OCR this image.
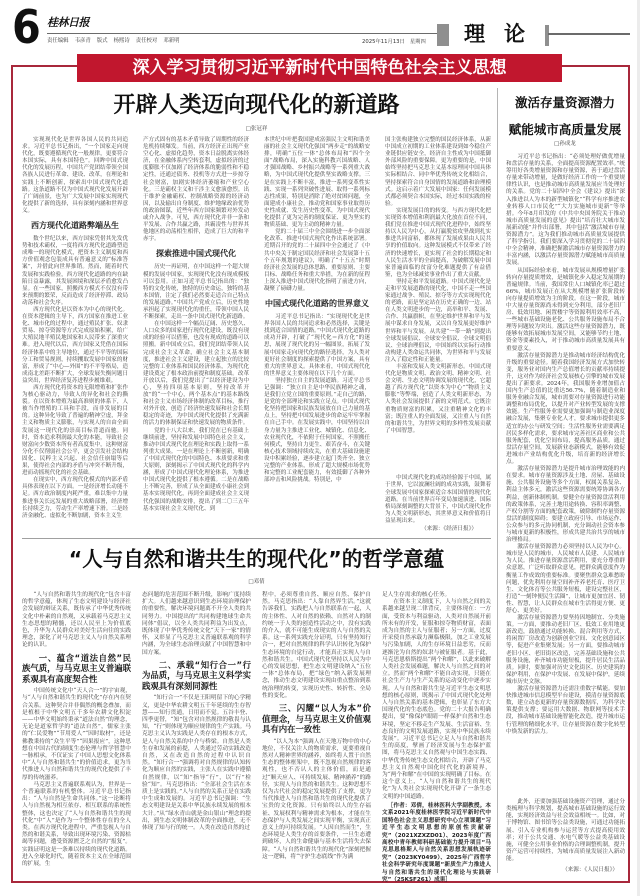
6 桂林日报
责任编辑 韦彦青 版式 杨熙诗 责任校对 邓新明	2025年11月13日 星期四 理论
深入学习贯彻习近平新时代中国特色社会主义思想
开辟人类迈向现代化的新道路
□张冠祥

实现现代化是世界各国人民的共同追求。习近平总书记指出，“一个国家走向现代化，既要遵循现代化一般规律，更要符合本国实际，具有本国特色”。回眸中国式现代化的发展历程，中国共产党团结带领全国各族人民进行革命、建设、改革，在理论和实践上不断创新，探索出中国式现代化道路。这条道路不仅为中国式现代化发展开辟了广阔前景，也为广大发展中国家实现现代化提供了新的选择，具有深刻内涵和世界意义。

西方现代化道路弊端丛生

数个世纪以来，西方国家凭借其先发优势和技术霸权，一度将西方现代化道路塑造成唯一的现代化模式，把资本主义制度和西方价值观念包装成具有普遍意义的“标准答案”，并借此向世界推销。然而，随着时代发展和实践检验，西方现代化道路的内在缺陷日益暴露，其发展困境和深层矛盾愈发凸显。在一些国家，照搬西方模式不仅没有带来预期的繁荣，反而造成了经济停滞、政局动荡和社会失序。

西方现代化是以资本为中心的现代化。在资本逻辑的主导下，西方国家在推进工业化、城市化的过程中，通过殖民扩张、奴隶贸易、掠夺资源等方式完成原始积累，给广大殖民地半殖民地国家和人民带来了深重灾难。进入现代以后，西方国家又凭借在国际经济体系中的主导地位，通过不平等的国际分工和贸易规则，持续攫取发展中国家的财富，形成了“中心—外围”的不平等格局，造成南北差距不断扩大，全球发展失衡问题日益突出，世界经济复苏进程步履维艰。

西方现代化将资本的无限增殖和扩张作为核心驱动力，导致人的异化和社会的撕裂。在以资本增殖为最高准则的体系下，人被当作增殖的工具和手段，而非发展的目的。这种异化导致了普遍的精神空虚，拜金主义和物质主义膨胀，与实现人的自由全面发展这一现代化的崇高目标背道而驰。同时，资本追求利润最大化的本能，导致社会财富向少数资本所有者高度集中，这种财富分化不仅削弱社会公平，更会引发社会结构固化、民粹主义兴起、社会信任崩塌等后果，使得社会内部的矛盾与冲突不断升级，进而动摇现代化的社会基础。

在现实中，西方现代化模式的内部矛盾具体表现在以下方面。一是经济增长动能不足。西方政治制度内耗严重，难以集中力量推进事关长远发展的重大战略部署，经济增长持续乏力，劳动生产率增速下滑。二是经济金融化、虚拟化不断加剧，资本主义生

产方式固有的基本矛盾导致了周期性的经济危机持续爆发。当前，西方经济正出现产业空心化、虚拟化趋势，资本日益脱离实体经济，在金融体系内空转套利，虚拟经济的过度膨胀不仅加剧了经济体系的脆弱性和不稳定性，还通过债务、投机等方式进一步掠夺社会财富，加剧实体经济萎缩和产业空心化。三是霸权主义和干涉主义愈演愈烈。出于维护金融霸权、控制战略资源的经济动因，以及输出自身制度、维护地缘政治优势的政治图谋，近些年西方国家频繁对外发动或介入战争。可见，西方现代化并非一条和平发展、合作共赢之路，其霸凌性与世界其他地区的动荡相生相伴，造成了巨大的和平赤字。

探索推进中国式现代化

历史一再证明，在中国这样一个超大规模的发展中国家，实现现代化没有现成模板可以套用。正如习近平总书记指出的：“独特的文化传统，独特的历史命运，独特的基本国情，注定了我们必然要走适合自己特点的发展道路。”中国共产党成立后，历史性地承担起了实现现代化的重任，带领中国人民不断探索，走出一条中国式现代化新道路。

在中国这样一个幅员辽阔、历史悠久、人口众多的国家进行现代化建设，既没有现成的经验可以借鉴，也没有现成的道路可以照搬。新中国成立后，我们党团结带领人民完成社会主义革命，确立社会主义基本制度，推进社会主义建设，建立起独立的比较完整的工业体系和国民经济体系，为现代化建设奠定了根本政治前提和制度基础。改革开放以后，我们党提出了“以经济建设为中心，坚持四项基本原则，坚持改革开放”的“一个中心，两个基本点”的基本路线和社会主义市场经济体制的改革目标，推行对外开放，创造了经济快速发展和社会长期稳定的奇迹，为中国式现代化提供了充满新的活力的体制保证和快速发展的物质条件。

党的十八大以来，我们党在已有基础上继续前进，坚持和发展中国特色社会主义，推动中国式现代化在理论和实践上取得一系列重大成果。一是在理论上不断创新，明确了中国式现代化的中国特色、本质要求和重大原则，深刻揭示了中国式现代化的科学内涵，形成了中国式现代化理论体系，为推进中国式现代化提供了根本遵循。二是在战略上不断完善，形成了从全面建成小康社会到基本实现现代化，再到全面建成社会主义现代化强国的战略安排，提出了到二〇三五年基本实现社会主义现代化、到

本世纪中叶把我国建成富强民主文明和谐美丽的社会主义现代化强国“两步走”的战略安排，明确“五位一体”总体布局和“四个全面”战略布局，深入实施科教兴国战略、人才强国战略、乡村振兴战略等一系列重大战略，为中国式现代化提供坚实战略支撑。三是在实践上不断丰富，推进一系列变革性实践、实现一系列突破性进展、取得一系列标志性成果，特别是消除了绝对贫困问题，全面建成小康社会，推动党和国家事业取得历史性成就、发生历史性变革，为中国式现代化提供了更为完善的制度保证、更为坚实的物质基础、更为主动的精神力量。

党的二十届三中全会围绕进一步全面深化改革、推进中国式现代化作出系统部署。近期召开的党的二十届四中全会通过了《中共中央关于制定国民经济和社会发展第十五个五年规划的建议》，明确了“十五五”时期经济社会发展的总体思路、重要原则、主要目标、战略任务和重大举措，为在新的征程上深入推进中国式现代化指明了前进方向，凝聚了磅礴力量。

中国式现代化道路的世界意义

习近平总书记指出：“实现现代化是世界各国人民的共同追求和必然选择，关键是找到适合国情的道路。”中国式现代化道路的成功开辟，打破了“现代化＝西方化”的迷思，展现了现代化的另一幅图景，拓展了发展中国家走向现代化的路径选择，为人类对更好社会制度的探索提供了中国方案，具有重大的世界意义。具体来看，中国式现代化的世界意义主要体现在以下几个方面。

坚持独立自主的发展道路。习近平总书记强调：“独立自主是中华民族精神之魂，是我们立党立国的重要原则。”走自己的路，是党的全部理论和实践立足点。中国式现代化坚持把国家和民族发展放在自己力量的基点上，坚持把中国发展进步的命运牢牢掌握在自己手中。在发展实践中，中国坚持以自身力量为主推进工业化、城镇化、信息化、农业现代化，不依附于任何国家，不照搬任何模式，坚持自力更生、艰苦奋斗，在关键核心技术领域持续攻关，在重大基础设施建设中积累经验，逐步建立起门类齐全、独立完整的产业体系，形成了超大规模市场优势和完整的工业配套能力，有效抵御了各种外部冲击和风险挑战。特别是，中

国主张构建独立完整的国民经济体系，从新中国成立初期的工业体系建设到如今稳住产业链供应链安全，经济自主性成为中国抵御外部风险的重要保障。更为重要的是，中国始终坚持把马克思主义基本原理同中国具体实际相结合、同中华优秀传统文化相结合，坚持探索符合自身国情的发展道路和治理模式。这启示着广大发展中国家：任何发展模式都必须契合本国实际，经过本国实践的检验。

实现发展目的的转变。与西方现代化把实现资本增值和利润最大化放在首位不同，我们党在推进中国式现代化进程中，始终坚持以人民为中心，从打赢脱贫攻坚战到扎实推进共同富裕，都体现了发展成果由人民共享的价值取向。这种发展模式不仅带来了经济的快速增长，更实现了社会的长期稳定和人民生活水平的全面提高，为破解发展中国家普遍面临的贫富分化难题提供了有益借鉴，也为全球减贫事业作出了重大贡献。

坚持走和平发展道路。中国式现代化是走和平发展道路的现代化，中国不走一些国家通过战争、殖民、掠夺等方式实现现代化的老路，而是坚定站在历史正确的一边、站在人类文明进步的一边，高举和平、发展、合作、共赢旗帜，在坚定维护世界和平与发展中谋求自身发展，又以自身发展更好维护世界和平与发展。从共建“一带一路”到提出全球发展倡议、全球安全倡议、全球文明倡议、全球治理倡议，中国始终以实际行动推动构建人类命运共同体，为世界和平与发展注入了稳定性和正能量。

丰富和发展人类文明新形态。中国式现代化是物质文明、政治文明、精神文明、社会文明、生态文明协调发展的现代化，它超越了西方现代化“以资本为中心”“物质主义膨胀”等弊端，创造了人类文明新形态，为人类社会发展提供了新的文明范式。它既注重物质财富的积累，又注重精神文化的丰富；既注重人的全面发展，又注重人与自然的和谐共生，为世界文明的多样性发展贡献了中国智慧。

中国式现代化的成功经验源于中国，属于世界，它以波澜壮阔的成功实践，鼓舞着全球发展中国家探索适合本国国情的现代化道路。在当前世界百年变局加速演进、国际格局深刻调整的大背景下，中国式现代化作为人类文明新形态，其世界意义和价值将日益显现出来。

（来源：《经济日报》）
“人与自然和谐共生的现代化”的哲学意蕴
□邓倩

“人与自然和谐共生的现代化”包含丰富的哲学意蕴，体现了生态文明建设与经济社会发展的辩证关系，既传承了中华优秀传统文化中朴素的自然观，又承载着马克思主义生态思想的精髓，还以人民至上为价值底色，升华为人民群众对美好生活向往的实践理念，深化了对马克思主义人与自然关系理论的认识。

一、蕴含“道法自然”民族气质，与马克思主义普遍联系观具有高度契合性

中国传统文化中“天人合一”的宇宙观，与“人与自然和谐共生的现代化”存在内在契合关系。这种契合并非偶然的概念叠加，而是植根于中华文明五千多年农耕文化积淀——中华文明始终秉承“道法自然”的理念，无论是道家哲学的“道法自然”，儒家主张的“仁民爱物”“节用爱人”“因时取材”，还是佛教秉持的“众生平等”“因果报应”，这种思想在中国古代的制度生态伦理与哲学智慧中一脉相承，不仅证实了中国人思想文化体系中“人与自然和谐共生”的价值追求，更为当代推进人与自然和谐共生的现代化提供了丰厚的传统滋养。

马克思主义普遍联系观认为，世界是一个普遍联系的有机整体。习近平总书记指出：“人与自然是生命共同体。”这一论断将人与自然视为相互依存、相互联系的系统性整体，这也决定了“人与自然和谐共生的现代化”中“人”是作为一个整体性存在的全人类。在西方现代化进程中，严重忽视人与自然的和谐关系，导致出现环境污染、资源枯竭等问题，遭受资源匮乏之自然的“报复”。实践证明这是一条难以持续的现代化道路。进入全球化时代，随着资本主义在全球范围的扩展，生

态问题的危害范围不断升级，影响广度持续扩大。人们越来越意识到生态环境治理保护的重要性，解决环境问题离不开全人类的共同努力。中国提出的“共同构建地球生命共同体”倡议，以全人类共同利益为出发点，既体现了中华优秀传统文化“天下一家”的情怀，又彰显了马克思主义普遍联系观的科学内涵，为全球生态治理贡献了中国智慧和中国方案。

二、承载“知行合一”行为品质，与马克思主义科学实践观具有深刻同源性

“知行合一”不仅是王阳明留下的心学精义，更是中华农耕文明五千年延续的生存智慧——知行贯通，日用而不觉。五谷丰登、四季更替，“知”包含对自然规律的敬畏与认知，“行”则体现为顺应规律的生产实践。马克思主义认为实践是人类存在的根本方式，是人与自然关系的中介与桥梁。自然是人类生存和发展的前提，人类通过劳动实践改造自然，又在改造自然的过程中认识自然。“知行合一”强调将对自然规律的认知转化为顺应自然的实践，主张人在实践中遵循自然规律，以“知”指导“行”，以“行”检验“知”。马克思指出：“全部社会生活在本质上是实践的。”人与自然的关系正是在实践中生成和发展的。习近平总书记强调：“生态文明建设是关系中华民族永续发展的根本大计。”从“绿水青山就是金山银山”理念的提出，到生态文明体制改革的全面推进，无不体现了知与行的统一。人类在改造自然的过

程中，必须尊重自然、顺应自然、保护自然。马克思指出：“人靠自然界生活。”这就告诉我们，实践把人与自然联系在一起，人的主体性、人对自然的依赖、自然对人的制约统一于人类的创造性活动之中，没有实践的介入，就不可能生成现实的人与自然的关系。这一系列实践充分证明，只有坚持知行合一，把对自然规律的科学认识转化为保护生态环境的自觉行动，才能真正实现人与自然和谐共生。中国式现代化坚持以人民为中心的发展思想，把生态文明建设纳入“五位一体”总体布局，把“绿色”纳入新发展理念，推动生态文明建设实现由重点整治到系统治理的转变，实现历史性、转折性、全局性的变化。

三、闪耀“以人为本”价值理念，与马克思主义价值观具有内在一致性

“以人为本”强调人在天地万物中的中心地位，不仅关注人的物质需求，更要重视自然对人精神世界的涵养，始终将人置于自然生态的整体框架中，既不忽视自然规律的客观性，也不否认人的主体价值，而是通过“顺天应人、可持续发展、精神涵养”的路径，实现人与自然的和谐共生。这种思想不仅为古代社会的稳定发展提供了支撑，更为当代推进人与自然和谐共生的现代化提供了宝贵的文化资源。只有始终以人的生存福祉、发展权利与精神需求为根本，才能在生态保护与人类发展之间实现平衡，实现真正意义上的可持续发展。“人因自然而生”，生态环境是人类生存的首要条件，一旦生态遭到破坏，人的生命健康与基本生活将失去保障。“人与自然和谐共生的现代化”深刻把握这一逻辑，将“守护生态底线”作为满

足人生存需求的核心任务。

在资本主义制度下，人与自然之间的关系越来越呈现二律背反，主要体现在：一方面，受资本与利益驱动，人类对自然展开前所未有的开发，征服和掠夺物质财富，表面成为自然的主人与征服者；另一方面，过度开采使自然承载力濒临极限，加之工业发展与污染加剧，人的生存环境日益恶劣，反而逐渐沦为自然的奴隶与被征服者。基于此，马克思恩格斯提出“两个和解”，以此来破解人类社会发展难题，解决人与自然之间的对立。然而“两个和解”不能自动实现，只能在社会生产力与生产关系的运动变化中逐步实现。人与自然和谐共生是习近平生态文明思想的核心原则，既揭示了中国式现代化处理人与自然关系的基本逻辑，也彰显了东方大国现代化的生态底色。党的二十大报告明确提出，要“像保护眼睛一样保护自然和生态环境，坚定不移走生产发展、生活富裕、生态良好的文明发展道路，实现中华民族永续发展”。习近平总书记立足人与自然和谐共生的高度，擘画了经济发展与生态保护蓝图，将马克思主义自然观与中国生态实践、中华优秀传统生态文化相结合，开辟了马克思主义自然观中国化时代化的新境界，为“两个和解”在中国的实现明确了目标。在这个意义上，“人与自然和谐共生的现代化”为人类社会实现现代化开辟了一条生态文明的中国道路。

［作者：邓倩，桂林医科大学副教授。本文系2021年度桂林医学院习近平新时代中国特色社会主义思想研究中心立项课题“习近平生态文明思想的原创性贡献研究”（2021XZXZD01）、2023年度广西高校中青年教师科研基础能力提升项目“马克思恩格斯人与自然关系思想发展轨迹研究”（2023KY0499）、2025年广西哲学社会科学研究年度课题“新质生产力推进人与自然和谐共生的现代化理论与实践研究”（25KSF261）成果］

激活存量资源潜力
赋能城市高质量发展
□孙成龙

习近平总书记指出：“必须处理好做优增量和盘活存量的关系，全面提高资源配置效率。”统筹用好各类增量资源和存量资源，善于通过盘活存量来带动增量，是做好经济工作的一个重要规律性认识，也是推动城市高质量发展应当处理好的关系。党的二十届四中全会《建议》提出“深入推进以人为本的新型城镇化”“科学有序推进农业转移人口市民化”“大力实施城市更新”等举措。今年8月印发的《中共中央国务院关于推动城市高质量发展的意见》提出“培育壮大城市发展新动能”并作出部署，其中包括“激活城市存量资源潜力”。这为我们推动城市高质量发展提供了科学指引。我们要深入学习贯彻党的二十届四中全会精神，准确把握激活城市存量资源潜力的丰富内涵，以激活存量资源潜力赋能城市高质量发展。

从国际经验来看，城市发展从规模增量扩张转向存量提质增效，是城镇化步入稳定发展期的普遍规律。当前，我国常住人口城镇化率已超过66%，城市发展正在从大规模增量扩张阶段转向存量提质增效为主的阶段。在这一阶段，城市中大量存量资源尚未得到充分利用，部分老旧厂房、低效用地、闲置楼宇等资源利用效率不高，一些城市基础设施老化、公共服务设施布局不合理等问题较为突出。激活这些存量资源潜力，既能够有效拓展城市发展空间，又能够节约土地、资金等要素投入，对于推动城市高质量发展具有重要意义。

激活存量资源潜力是推动城市经济结构优化升级的重要途径。随着我国经济发展方式加快转变，服务业对国内生产总值增长的贡献率持续提升，这对作为经济社会发展核心引擎的城市发展提出了新要求。2024年，我国服务业增加值占国内生产总值的比重达56.7%，随着制造业和服务业融合发展，城市需要对存量资源进行功能调整和布局优化，以提升对产业转型发展的支撑效能。生产性服务业需要更加强调与制造业深度融合发展，集聚专业化人才，要求城市提供更多适宜的办公与研发空间；生活性服务业需要满足居民多样化需求，要求城市完善社区商业和公共服务配套，优化空间布局，提高服务品质。通过盘活存量空间，发展新业态新模式，能够有效促进城市产业结构优化升级，培育新的经济增长点。

激活存量资源潜力是提升城市治理效能的内在要求。城市存量资源涉及土地、房屋、基础设施、公共服务设施等多个方面，权属关系复杂、利益主体多元，激活这些资源需要统筹协调各方利益，创新体制机制。要健全存量资源盘活利用的政策体系，完善土地用途转换、容积率调整、产权分割等方面的配套政策，破除制约存量资源盘活的制度障碍；要建立政府引导、市场运作、公众参与的多元协同机制，充分调动社会资本参与城市更新的积极性，形成共建共治共享的城市治理格局。

激活存量资源潜力必须坚持以人民为中心。城市是人民的城市，人民城市人民建、人民城市为人民。推进存量资源盘活利用，要充分尊重群众意愿，广泛听取群众意见，把群众满意度作为衡量工作成效的重要标准。要聚焦群众急难愁盼问题，优先利用存量空间补齐养老托育、医疗卫生、文化体育等公共服务短板，建设完整社区，打造“一刻钟便民生活圈”，让城市更加宜居、韧性、智慧，让人民群众在城市生活得更方便、更舒心、更美好。

激活存量资源潜力要坚持因地制宜、分类施策。一方面，要推动老旧厂区、低效工业用地更新改造，鼓励通过功能转换、混合利用等方式，将闲置厂房改造为创新创业空间、文化创意园区等，促进产业集聚发展；另一方面，要推动城市老旧小区、老旧街区改造，完善基础设施和公共服务设施，补齐城市功能短板，提升居民生活品质。同时，要加强对历史文化街区、历史建筑的保护利用，在保护中发展、在发展中保护，延续城市历史文脉。

激活存量资源潜力还需注重数字赋能。要加快推进城市信息模型平台建设，摸清存量资源底数，建立动态更新的存量资源数据库，为科学决策提供支撑；要运用大数据、物联网等技术手段，推动城市基础设施智能化改造，提升城市运行管理的精细化水平，让存量资源在数字化转型中焕发新的活力。

此外，还要加强基础设施资产管理，通过分类梳理与科学规划，提高城市基础设施的运行效能，实现经济效益与社会效益相统一。比如，对于博物馆、图书馆等公益类设施，可通过功能拓展、引入专业机构参与运营等方式提高使用效率；对于公共交通、水电气暖等公益类基础设施，可健全公用事业价格的合理调整机制，提升资产运营可持续性，为城市高质量发展注入新动能。

（来源：《人民日报》）
